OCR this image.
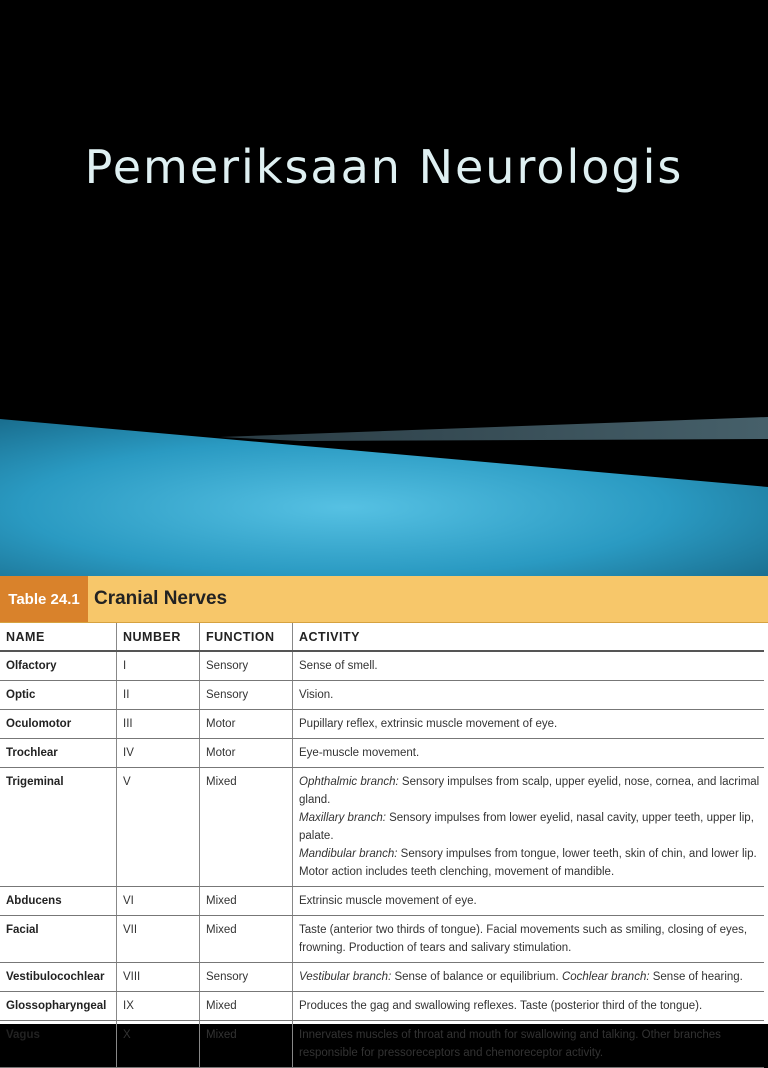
Pemeriksaan Neurologis
Table 24.1 Cranial Nerves
NAME	NUMBER	FUNCTION	ACTIVITY
Olfactory	I	Sensory	Sense of smell.

Optic	II	Sensory	Vision.

Oculomotor	III	Motor	Pupillary reflex, extrinsic muscle movement of eye.

Trochlear	IV	Motor	Eye-muscle movement.

Trigeminal	V	Mixed	Ophthalmic branch: Sensory impulses from scalp, upper eyelid, nose, cornea, and lacrimal gland.
Maxillary branch: Sensory impulses from lower eyelid, nasal cavity, upper teeth, upper lip, palate.
Mandibular branch: Sensory impulses from tongue, lower teeth, skin of chin, and lower lip.
Motor action includes teeth clenching, movement of mandible.

Abducens	VI	Mixed	Extrinsic muscle movement of eye.

Facial	VII	Mixed	Taste (anterior two thirds of tongue). Facial movements such as smiling, closing of eyes,
frowning. Production of tears and salivary stimulation.

Vestibulocochlear	VIII	Sensory	Vestibular branch: Sense of balance or equilibrium. Cochlear branch: Sense of hearing.
Glossopharyngeal	IX	Mixed	Produces the gag and swallowing reflexes. Taste (posterior third of the tongue).

Vagus	X	Mixed	Innervates muscles of throat and mouth for swallowing and talking. Other branches
responsible for pressoreceptors and chemoreceptor activity.
